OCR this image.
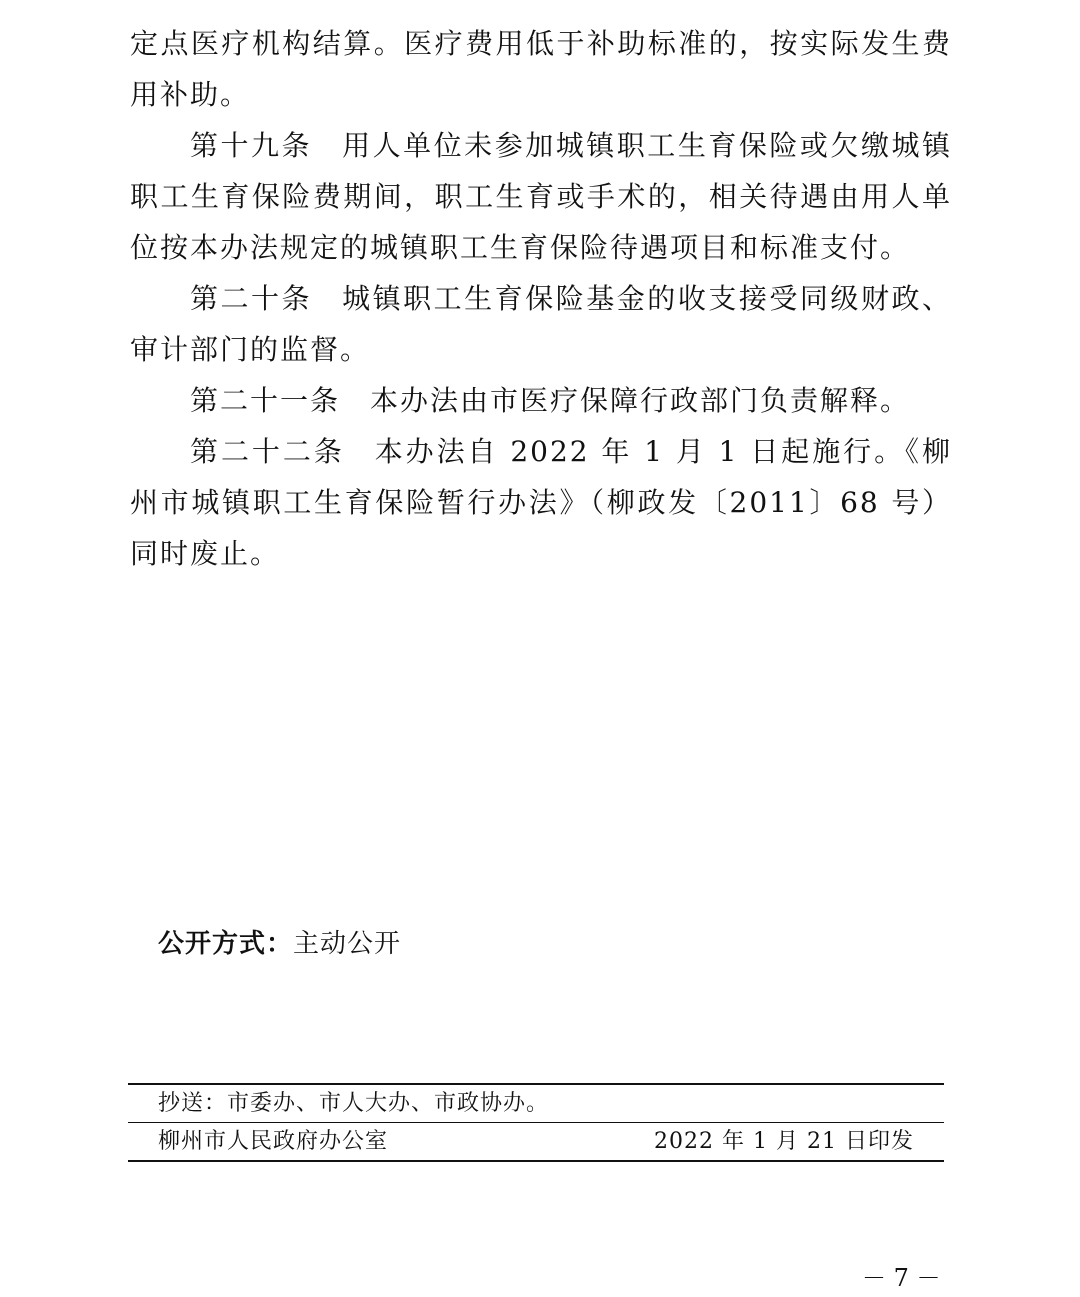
定点医疗机构结算。医疗费用低于补助标准的，按实际发生费用补助。

第十九条 用人单位未参加城镇职工生育保险或欠缴城镇职工生育保险费期间，职工生育或手术的，相关待遇由用人单位按本办法规定的城镇职工生育保险待遇项目和标准支付。

第二十条 城镇职工生育保险基金的收支接受同级财政、审计部门的监督。

第二十一条 本办法由市医疗保障行政部门负责解释。

第二十二条 本办法自 2022 年 1 月 1 日起施行。《柳州市城镇职工生育保险暂行办法》（柳政发〔2011〕68 号）同时废止。

公开方式：主动公开
抄送：市委办、市人大办、市政协办。
柳州市人民政府办公室	2022 年 1 月 21 日印发
－ 7 －
